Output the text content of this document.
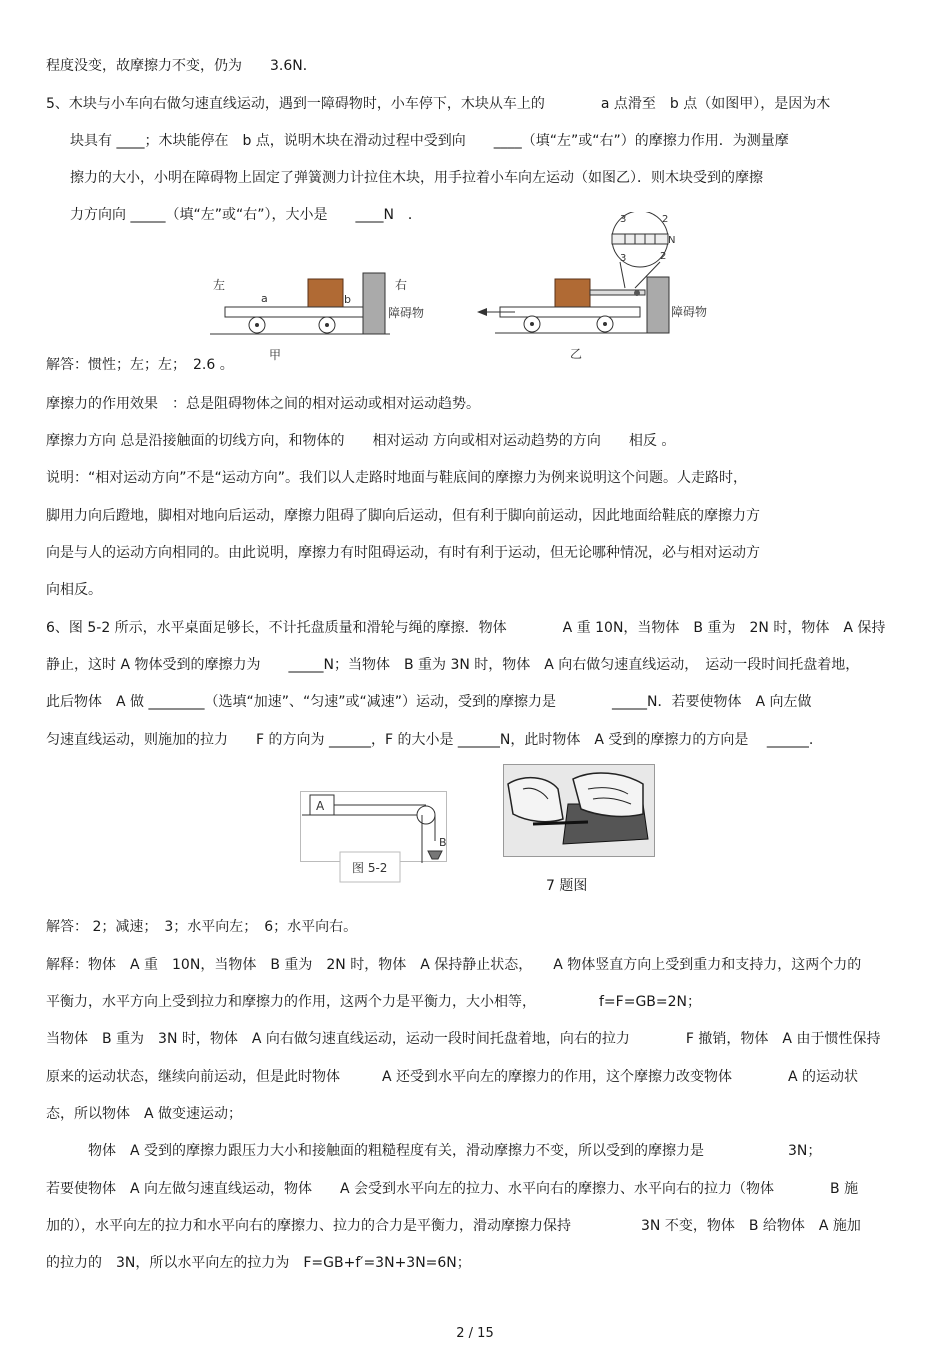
程度没变，故摩擦力不变，仍为　　3.6N．
5、木块与小车向右做匀速直线运动，遇到一障碍物时，小车停下，木块从车上的　　　　a 点滑至　b 点（如图甲），是因为木
块具有 ____；木块能停在　b 点，说明木块在滑动过程中受到向　　____（填“左”或“右”）的摩擦力作用．为测量摩
擦力的大小，小明在障碍物上固定了弹簧测力计拉住木块，用手拉着小车向左运动（如图乙）．则木块受到的摩擦
力方向向 _____（填“左”或“右”），大小是　　____N　．
左
a	b
右
障碍物
甲
3	2
N
3	2
障碍物
乙
解答：惯性；左；左；　2.6 。
摩擦力的作用效果　：总是阻碍物体之间的相对运动或相对运动趋势。
摩擦力方向 总是沿接触面的切线方向，和物体的　　相对运动 方向或相对运动趋势的方向　　相反 。
说明：“相对运动方向”不是“运动方向”。我们以人走路时地面与鞋底间的摩擦力为例来说明这个问题。人走路时，
脚用力向后蹬地，脚相对地向后运动，摩擦力阻碍了脚向后运动，但有利于脚向前运动，因此地面给鞋底的摩擦力方
向是与人的运动方向相同的。由此说明，摩擦力有时阻碍运动，有时有利于运动，但无论哪种情况，必与相对运动方
向相反。
6、图 5-2 所示，水平桌面足够长，不计托盘质量和滑轮与绳的摩擦．物体　　　　A 重 10N，当物体　B 重为　2N 时，物体　A 保持
静止，这时 A 物体受到的摩擦力为　　_____N；当物体　B 重为 3N 时，物体　A 向右做匀速直线运动，　运动一段时间托盘着地，
此后物体　A 做 ________（选填“加速”、“匀速”或“减速”）运动，受到的摩擦力是　　　　_____N．若要使物体　A 向左做
匀速直线运动，则施加的拉力　　F 的方向为 ______，F 的大小是 ______N，此时物体　A 受到的摩擦力的方向是　 ______.
A
B
图 5-2
7 题图
解答： 2；减速；　3；水平向左；　6；水平向右。
解释：物体　A 重　10N，当物体　B 重为　2N 时，物体　A 保持静止状态，　　A 物体竖直方向上受到重力和支持力，这两个力的
平衡力，水平方向上受到拉力和摩擦力的作用，这两个力是平衡力，大小相等，　　　　　f=F=GB=2N；
当物体　B 重为　3N 时，物体　A 向右做匀速直线运动，运动一段时间托盘着地，向右的拉力　　　　F 撤销，物体　A 由于惯性保持
原来的运动状态，继续向前运动，但是此时物体　　　A 还受到水平向左的摩擦力的作用，这个摩擦力改变物体　　　　A 的运动状
态，所以物体　A 做变速运动；
物体　A 受到的摩擦力跟压力大小和接触面的粗糙程度有关，滑动摩擦力不变，所以受到的摩擦力是　　　　　　3N；
若要使物体　A 向左做匀速直线运动，物体　　A 会受到水平向左的拉力、水平向右的摩擦力、水平向右的拉力（物体　　　　B 施
加的），水平向左的拉力和水平向右的摩擦力、拉力的合力是平衡力，滑动摩擦力保持　　　　　3N 不变，物体　B 给物体　A 施加
的拉力的　3N，所以水平向左的拉力为　F=GB+f′=3N+3N=6N；
2 / 15
